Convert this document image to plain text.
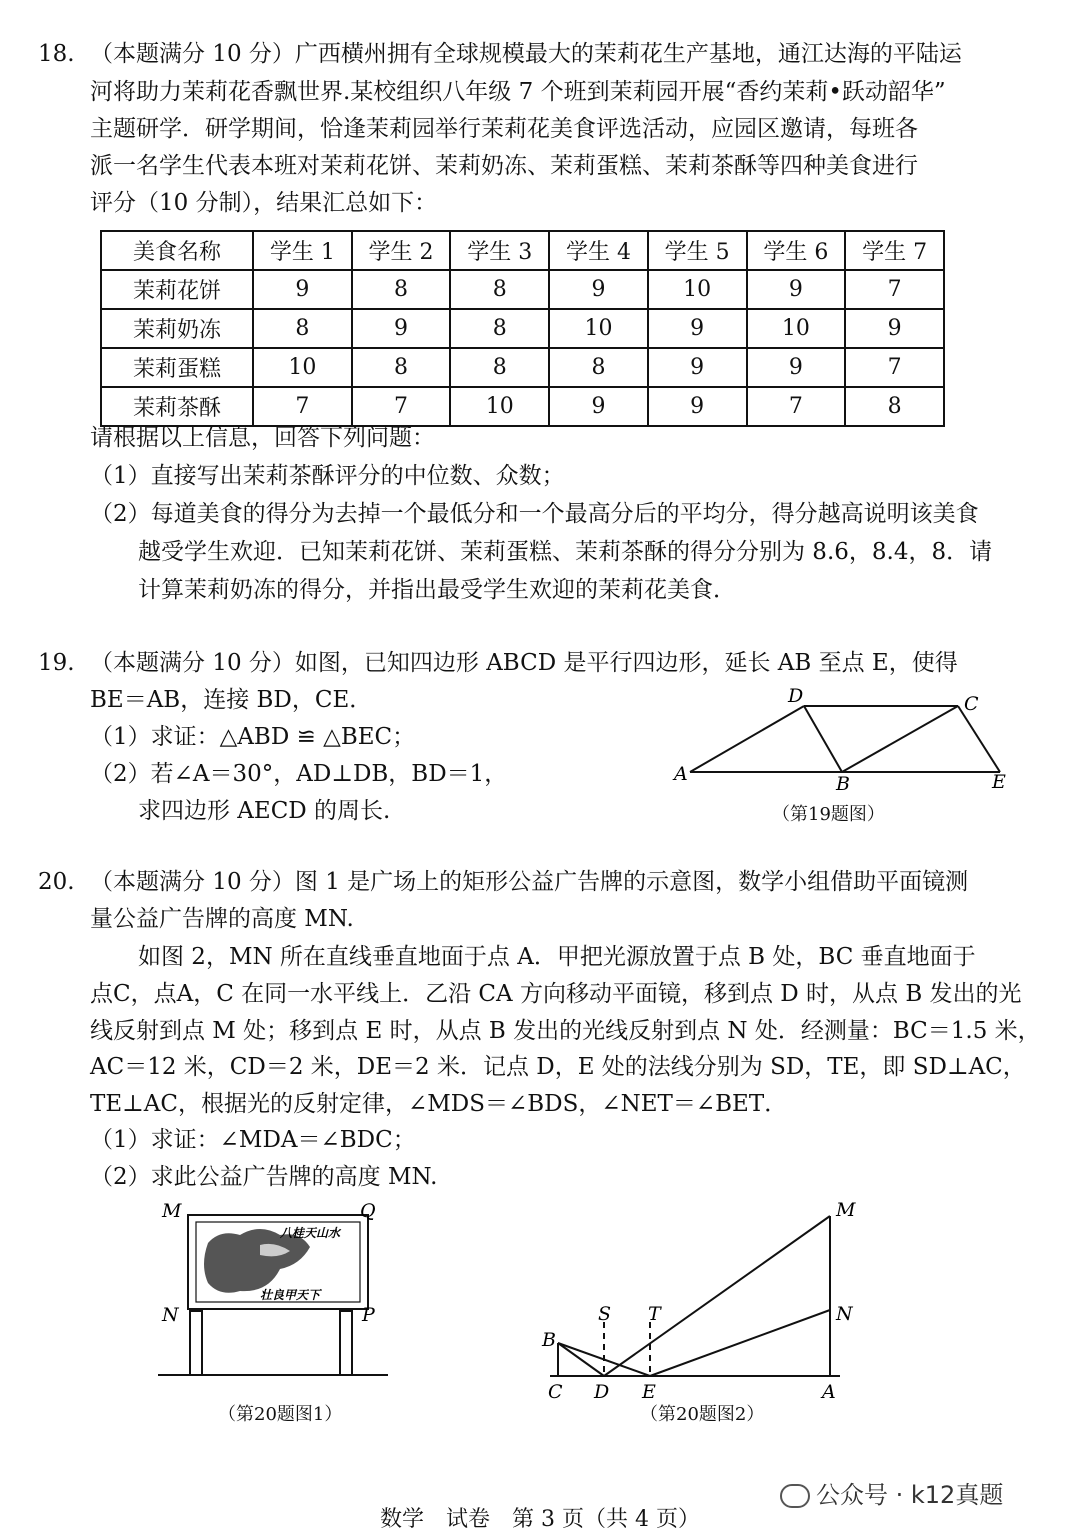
18. （本题满分 10 分）广西横州拥有全球规模最大的茉莉花生产基地，通江达海的平陆运
河将助力茉莉花香飘世界.某校组织八年级 7 个班到茉莉园开展“香约茉莉•跃动韶华”
主题研学．研学期间，恰逢茉莉园举行茉莉花美食评选活动，应园区邀请，每班各
派一名学生代表本班对茉莉花饼、茉莉奶冻、茉莉蛋糕、茉莉茶酥等四种美食进行
评分（10 分制），结果汇总如下：
美食名称	学生 1	学生 2	学生 3	学生 4	学生 5	学生 6	学生 7
茉莉花饼	9	8	8	9	10	9	7
茉莉奶冻	8	9	8	10	9	10	9
茉莉蛋糕	10	8	8	8	9	9	7
茉莉茶酥	7	7	10	9	9	7	8
请根据以上信息，回答下列问题：
（1）直接写出茉莉茶酥评分的中位数、众数；
（2）每道美食的得分为去掉一个最低分和一个最高分后的平均分，得分越高说明该美食
越受学生欢迎．已知茉莉花饼、茉莉蛋糕、茉莉茶酥的得分分别为 8.6，8.4，8．请
计算茉莉奶冻的得分，并指出最受学生欢迎的茉莉花美食．
19. （本题满分 10 分）如图，已知四边形 ABCD 是平行四边形，延长 AB 至点 E，使得
BE＝AB，连接 BD，CE．
（1）求证：△ABD ≌ △BEC；
（2）若∠A＝30°，AD⊥DB，BD＝1，
求四边形 AECD 的周长.
D	C
A	B	E
（第19题图）
20. （本题满分 10 分）图 1 是广场上的矩形公益广告牌的示意图，数学小组借助平面镜测
量公益广告牌的高度 MN.
如图 2，MN 所在直线垂直地面于点 A．甲把光源放置于点 B 处，BC 垂直地面于
点C，点A，C 在同一水平线上．乙沿 CA 方向移动平面镜，移到点 D 时，从点 B 发出的光
线反射到点 M 处；移到点 E 时，从点 B 发出的光线反射到点 N 处．经测量：BC＝1.5 米，
AC＝12 米，CD＝2 米，DE＝2 米．记点 D，E 处的法线分别为 SD，TE，即 SD⊥AC，
TE⊥AC，根据光的反射定律，∠MDS＝∠BDS，∠NET＝∠BET．
（1）求证：∠MDA＝∠BDC；
（2）求此公益广告牌的高度 MN.
八桂天山水
壮良甲天下
M	Q
N	P
（第20题图1）
M
N
S T
B
C D E	A
（第20题图2）
公众号 · k12真题
数学　试卷　第 3 页（共 4 页）
